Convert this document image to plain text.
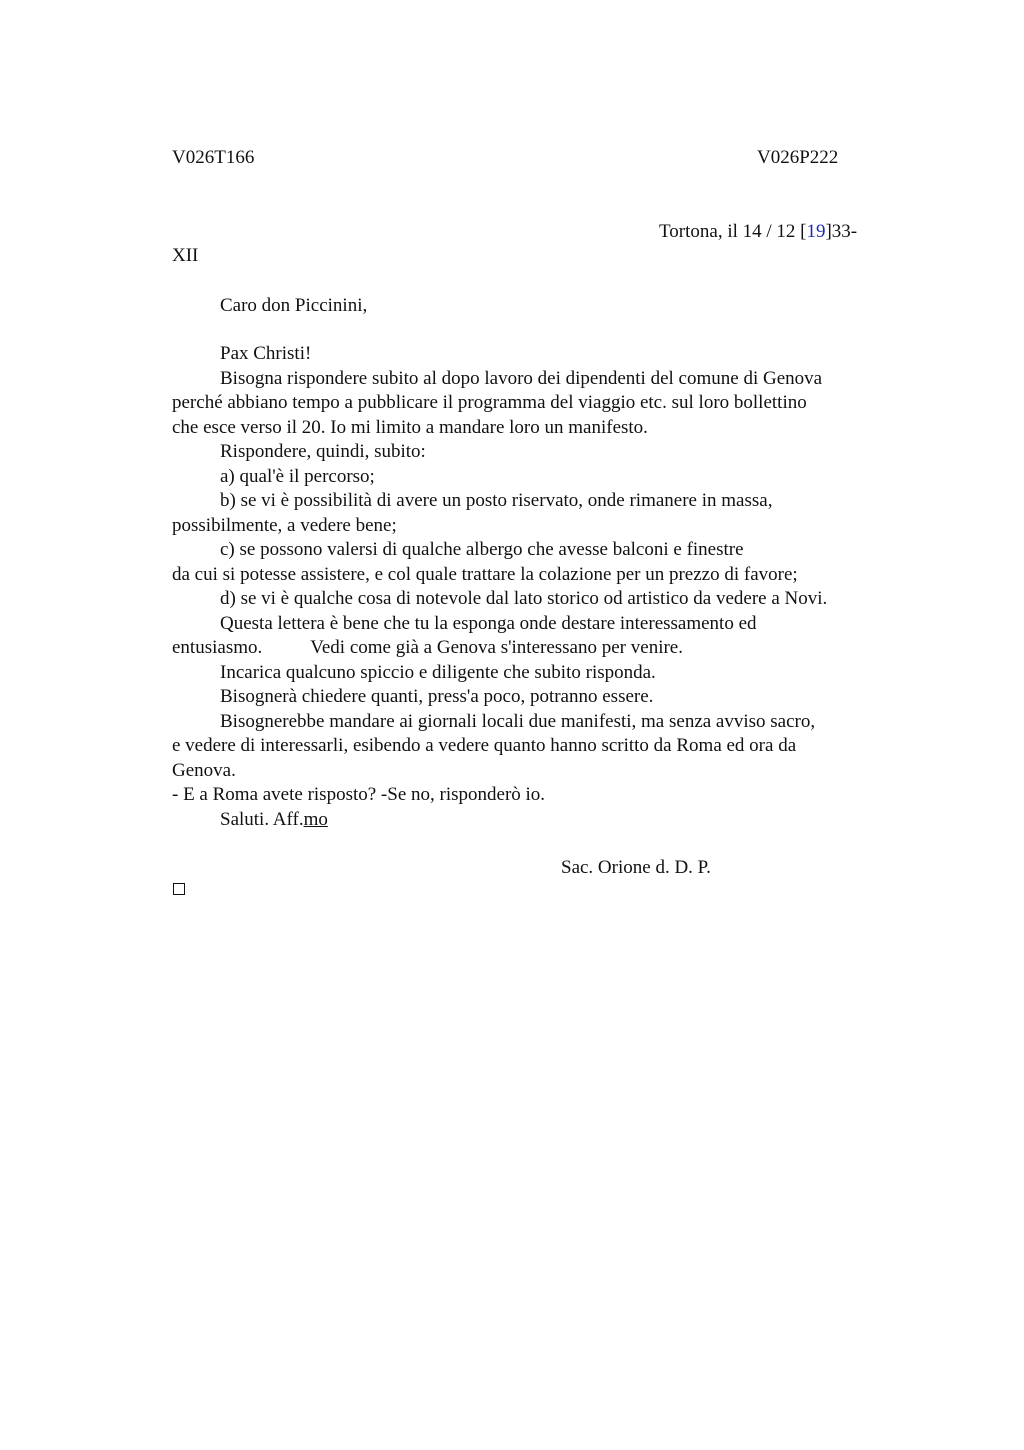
V026T166	V026P222
Tortona, il 14 / 12 [19]33-
XII
Caro don Piccinini,
Pax Christi!
Bisogna rispondere subito al dopo lavoro dei dipendenti del comune di Genova
perché abbiano tempo a pubblicare il programma del viaggio etc. sul loro bollettino
che esce verso il 20. Io mi limito a mandare loro un manifesto.
Rispondere, quindi, subito:
a) qual'è il percorso;
b) se vi è possibilità di avere un posto riservato, onde rimanere in massa,
possibilmente, a vedere bene;
c) se possono valersi di qualche albergo che avesse balconi e finestre
da cui si potesse assistere, e col quale trattare la colazione per un prezzo di favore;
d) se vi è qualche cosa di notevole dal lato storico od artistico da vedere a Novi.
Questa lettera è bene che tu la esponga onde destare interessamento ed
entusiasmo.	Vedi come già a Genova s'interessano per venire.
Incarica qualcuno spiccio e diligente che subito risponda.
Bisognerà chiedere quanti, press'a poco, potranno essere.
Bisognerebbe mandare ai giornali locali due manifesti, ma senza avviso sacro,
e vedere di interessarli, esibendo a vedere quanto hanno scritto da Roma ed ora da
Genova.
- E a Roma avete risposto? -Se no, risponderò io.
Saluti. Aff.mo
Sac. Orione d. D. P.
